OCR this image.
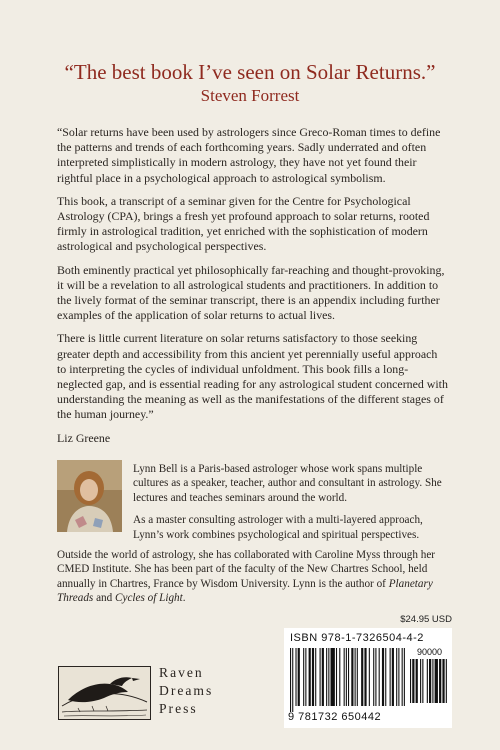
“The best book I’ve seen on Solar Returns.”
Steven Forrest

“Solar returns have been used by astrologers since Greco-Roman times to define the patterns and trends of each forthcoming years. Sadly underrated and often interpreted simplistically in modern astrology, they have not yet found their rightful place in a psychological approach to astrological symbolism.

This book, a transcript of a seminar given for the Centre for Psychological Astrology (CPA), brings a fresh yet profound approach to solar returns, rooted firmly in astrological tradition, yet enriched with the sophistication of modern astrological and psychological perspectives.

Both eminently practical yet philosophically far-reaching and thought-provoking, it will be a revelation to all astrological students and practitioners. In addition to the lively format of the seminar transcript, there is an appendix including further examples of the application of solar returns to actual lives.

There is little current literature on solar returns satisfactory to those seeking greater depth and accessibility from this ancient yet perennially useful approach to interpreting the cycles of individual unfoldment. This book fills a long-neglected gap, and is essential reading for any astrological student concerned with understanding the meaning as well as the manifestations of the different stages of the human journey.”

Liz Greene

Lynn Bell is a Paris-based astrologer whose work spans multiple cultures as a speaker, teacher, author and consultant in astrology. She lectures and teaches seminars around the world.

As a master consulting astrologer with a multi-layered approach, Lynn’s work combines psychological and spiritual perspectives.

Outside the world of astrology, she has collaborated with Caroline Myss through her CMED Institute. She has been part of the faculty of the New Chartres School, held annually in Chartres, France by Wisdom University. Lynn is the author of Planetary Threads and Cycles of Light.

Raven
Dreams
Press
$24.95 USD
ISBN 978-1-7326504-4-2
90000
9 781732 650442
